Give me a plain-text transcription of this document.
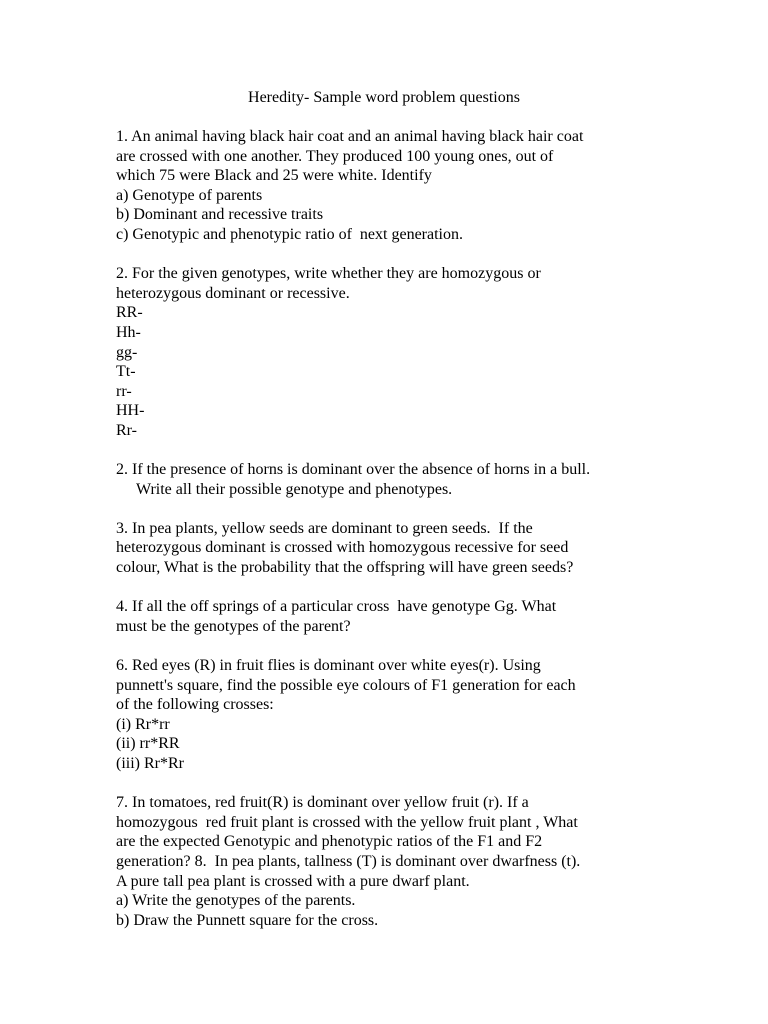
Heredity- Sample word problem questions
1. An animal having black hair coat and an animal having black hair coat
are crossed with one another. They produced 100 young ones, out of
which 75 were Black and 25 were white. Identify
a) Genotype of parents
b) Dominant and recessive traits
c) Genotypic and phenotypic ratio of  next generation.
2. For the given genotypes, write whether they are homozygous or
heterozygous dominant or recessive.
RR-
Hh-
gg-
Tt-
rr-
HH-
Rr-
2. If the presence of horns is dominant over the absence of horns in a bull.
Write all their possible genotype and phenotypes.
3. In pea plants, yellow seeds are dominant to green seeds.  If the
heterozygous dominant is crossed with homozygous recessive for seed
colour, What is the probability that the offspring will have green seeds?
4. If all the off springs of a particular cross  have genotype Gg. What
must be the genotypes of the parent?
6. Red eyes (R) in fruit flies is dominant over white eyes(r). Using
punnett's square, find the possible eye colours of F1 generation for each
of the following crosses:
(i) Rr*rr
(ii) rr*RR
(iii) Rr*Rr
7. In tomatoes, red fruit(R) is dominant over yellow fruit (r). If a
homozygous  red fruit plant is crossed with the yellow fruit plant , What
are the expected Genotypic and phenotypic ratios of the F1 and F2
generation? 8.  In pea plants, tallness (T) is dominant over dwarfness (t).
A pure tall pea plant is crossed with a pure dwarf plant.
a) Write the genotypes of the parents.
b) Draw the Punnett square for the cross.
